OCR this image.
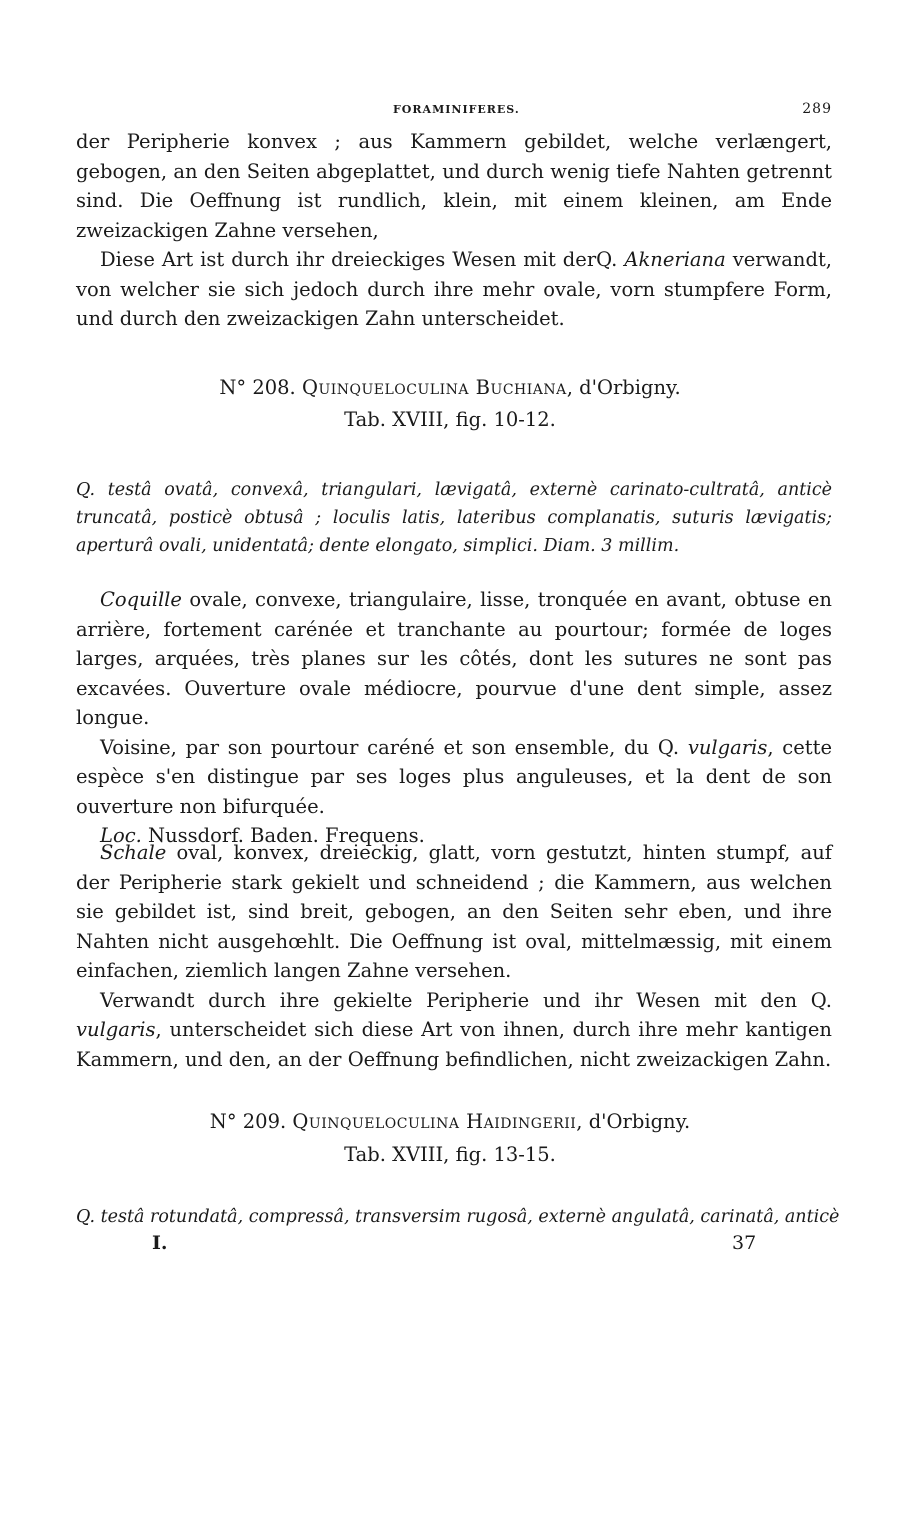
FORAMINIFERES.	289

der Peripherie konvex ; aus Kammern gebildet, welche verlængert, gebogen, an den Seiten abgeplattet, und durch wenig tiefe Nahten getrennt sind. Die Oeffnung ist rundlich, klein, mit einem kleinen, am Ende zweizackigen Zahne versehen,

Diese Art ist durch ihr dreieckiges Wesen mit derQ. Akneriana verwandt, von welcher sie sich jedoch durch ihre mehr ovale, vorn stumpfere Form, und durch den zweizackigen Zahn unterscheidet.

N° 208. Quinqueloculina Buchiana, d'Orbigny.
Tab. XVIII, fig. 10-12.
Q. testâ ovatâ, convexâ, triangulari, lævigatâ, externè carinato-cultratâ, anticè truncatâ, posticè obtusâ ; loculis latis, lateribus complanatis, suturis lævigatis; aperturâ ovali, unidentatâ; dente elongato, simplici. Diam. 3 millim.

Coquille ovale, convexe, triangulaire, lisse, tronquée en avant, obtuse en arrière, fortement carénée et tranchante au pourtour; formée de loges larges, arquées, très planes sur les côtés, dont les sutures ne sont pas excavées. Ouverture ovale médiocre, pourvue d'une dent simple, assez longue.

Voisine, par son pourtour caréné et son ensemble, du Q. vulgaris, cette espèce s'en distingue par ses loges plus anguleuses, et la dent de son ouverture non bifurquée.

Loc. Nussdorf. Baden. Frequens.

Schale oval, konvex, dreieckig, glatt, vorn gestutzt, hinten stumpf, auf der Peripherie stark gekielt und schneidend ; die Kammern, aus welchen sie gebildet ist, sind breit, gebogen, an den Seiten sehr eben, und ihre Nahten nicht ausgehœhlt. Die Oeffnung ist oval, mittelmæssig, mit einem einfachen, ziemlich langen Zahne versehen.

Verwandt durch ihre gekielte Peripherie und ihr Wesen mit den Q. vulgaris, unterscheidet sich diese Art von ihnen, durch ihre mehr kantigen Kammern, und den, an der Oeffnung befindlichen, nicht zweizackigen Zahn.

N° 209. Quinqueloculina Haidingerii, d'Orbigny.
Tab. XVIII, fig. 13-15.
Q. testâ rotundatâ, compressâ, transversim rugosâ, externè angulatâ, carinatâ, anticè
I.	37
